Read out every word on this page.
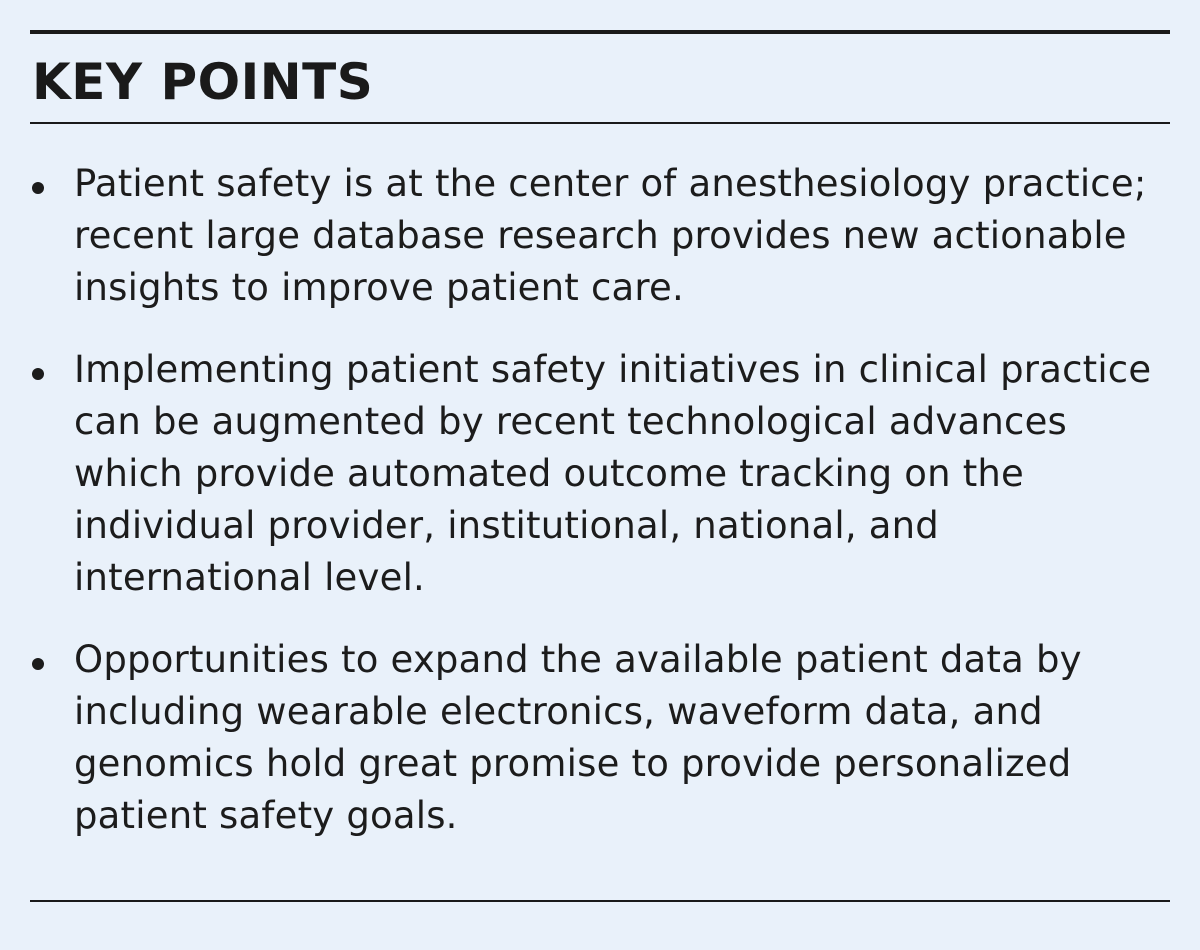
KEY POINTS
Patient safety is at the center of anesthesiology practice; recent large database research provides new actionable insights to improve patient care.
Implementing patient safety initiatives in clinical practice can be augmented by recent technological advances which provide automated outcome tracking on the individual provider, institutional, national, and international level.
Opportunities to expand the available patient data by including wearable electronics, waveform data, and genomics hold great promise to provide personalized patient safety goals.
